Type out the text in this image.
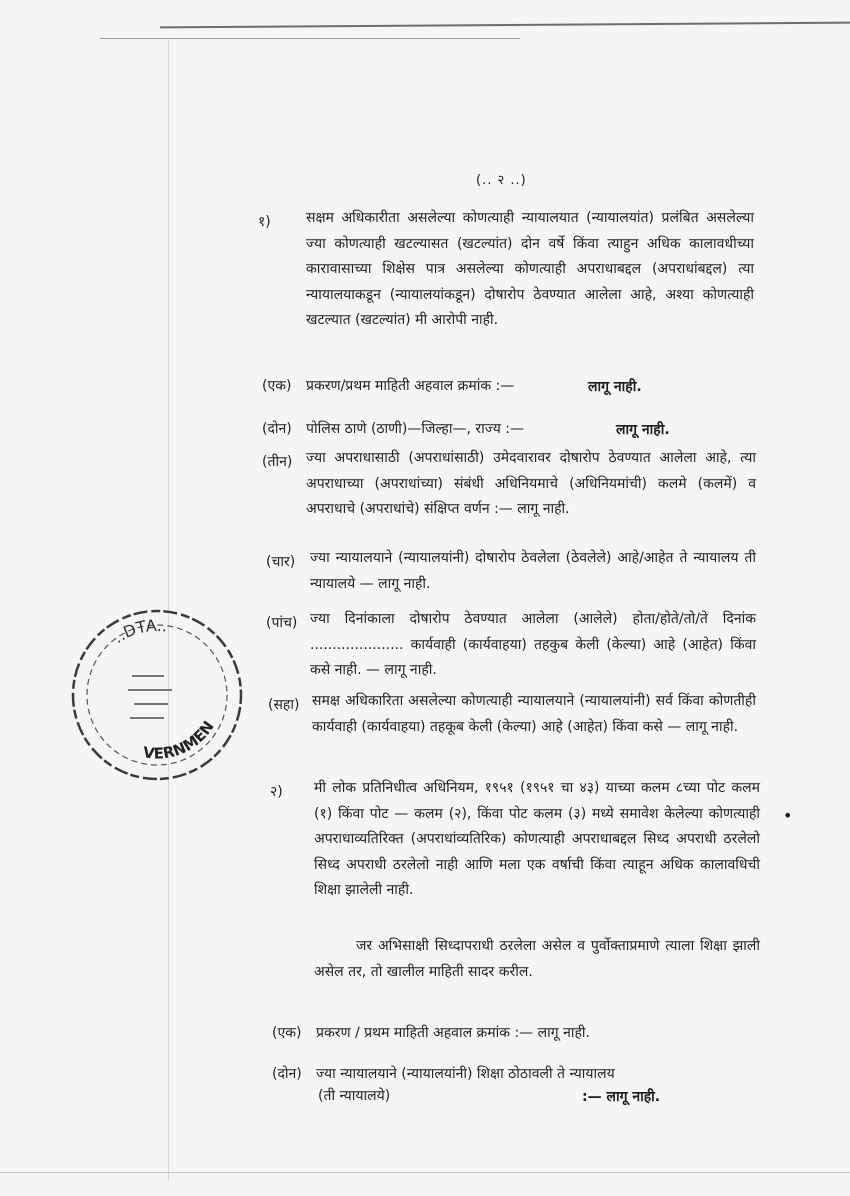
(.. २ ..)
१)	सक्षम अधिकारीता असलेल्या कोणत्याही न्यायालयात (न्यायालयांत) प्रलंबित असलेल्या ज्या कोणत्याही खटल्यासत (खटल्यांत) दोन वर्षे किंवा त्याहुन अधिक कालावधीच्या कारावासाच्या शिक्षेस पात्र असलेल्या कोणत्याही अपराधाबद्दल (अपराधांबद्दल) त्या न्यायालयाकडून (न्यायालयांकडून) दोषारोप ठेवण्यात आलेला आहे, अश्या कोणत्याही खटल्यात (खटल्यांत) मी आरोपी नाही.
(एक) प्रकरण/प्रथम माहिती अहवाल क्रमांक :—	लागू नाही.
(दोन) पोलिस ठाणे (ठाणी)—जिल्हा—, राज्य :—	लागू नाही.
(तीन) ज्या अपराधासाठी (अपराधांसाठी) उमेदवारावर दोषारोप ठेवण्यात आलेला आहे, त्या अपराधाच्या (अपराधांच्या) संबंधी अधिनियमाचे (अधिनियमांची) कलमे (कलमें) व अपराधाचे (अपराधांचे) संक्षिप्त वर्णन :— लागू नाही.
(चार) ज्या न्यायालयाने (न्यायालयांनी) दोषारोप ठेवलेला (ठेवलेले) आहे/आहेत ते न्यायालय ती न्यायालये — लागू नाही.
(पांच) ज्या दिनांकाला दोषारोप ठेवण्यात आलेला (आलेले) होता/होते/तो/ते दिनांक ..................... कार्यवाही (कार्यवाहया) तहकुब केली (केल्या) आहे (आहेत) किंवा कसे नाही. — लागू नाही.
(सहा) समक्ष अधिकारिता असलेल्या कोणत्याही न्यायालयाने (न्यायालयांनी) सर्व किंवा कोणतीही कार्यवाही (कार्यवाहया) तहकूब केली (केल्या) आहे (आहेत) किंवा कसे — लागू नाही.
२) मी लोक प्रतिनिधीत्व अधिनियम, १९५१ (१९५१ चा ४३) याच्या कलम ८च्या पोट कलम (१) किंवा पोट — कलम (२), किंवा पोट कलम (३) मध्ये समावेश केलेल्या कोणत्याही अपराधाव्यतिरिक्त (अपराधांव्यतिरिक) कोणत्याही अपराधाबद्दल सिध्द अपराधी ठरलेलो सिध्द अपराधी ठरलेलो नाही आणि मला एक वर्षाची किंवा त्याहून अधिक कालावधिची शिक्षा झालेली नाही.
जर अभिसाक्षी सिध्दापराधी ठरलेला असेल व पुर्वोक्ताप्रमाणे त्याला शिक्षा झाली असेल तर, तो खालील माहिती सादर करील.
(एक) प्रकरण / प्रथम माहिती अहवाल क्रमांक :— लागू नाही.
(दोन) ज्या न्यायालयाने (न्यायालयांनी) शिक्षा ठोठावली ते न्यायालय
(ती न्यायालये)	:— लागू नाही.
•
..DTA..
VERNMEN
